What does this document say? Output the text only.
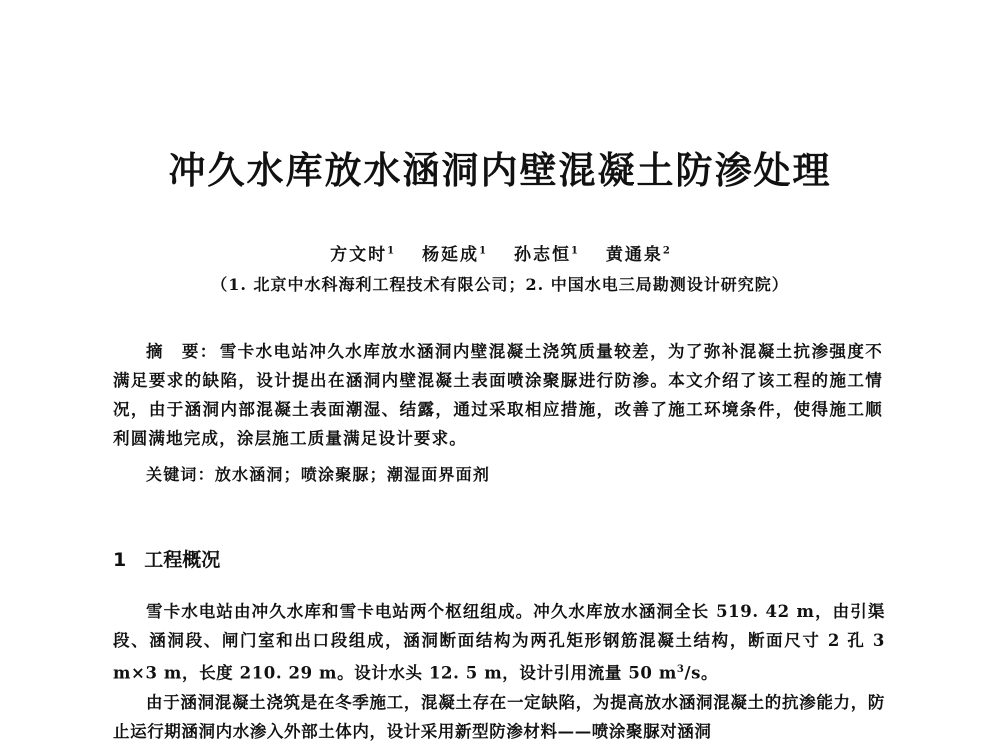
冲久水库放水涵洞内壁混凝土防渗处理
方文时$^1$ 杨延成$^1$ 孙志恒$^1$ 黄通泉$^2$
（1. 北京中水科海利工程技术有限公司；2. 中国水电三局勘测设计研究院）
摘　要： 雪卡水电站冲久水库放水涵洞内壁混凝土浇筑质量较差，为了弥补混凝土抗渗强度不满足要求的缺陷，设计提出在涵洞内壁混凝土表面喷涂聚脲进行防渗。本文介绍了该工程的施工情况，由于涵洞内部混凝土表面潮湿、结露，通过采取相应措施，改善了施工环境条件，使得施工顺利圆满地完成，涂层施工质量满足设计要求。
关键词：放水涵洞；喷涂聚脲；潮湿面界面剂
1 工程概况

雪卡水电站由冲久水库和雪卡电站两个枢纽组成。冲久水库放水涵洞全长 519. 42 m，由引渠段、涵洞段、闸门室和出口段组成，涵洞断面结构为两孔矩形钢筋混凝土结构，断面尺寸 2 孔 3 m×3 m，长度 210. 29 m。设计水头 12. 5 m，设计引用流量 50 $m^3/s$。

由于涵洞混凝土浇筑是在冬季施工，混凝土存在一定缺陷，为提高放水涵洞混凝土的抗渗能力，防止运行期涵洞内水渗入外部土体内，设计采用新型防渗材料——喷涂聚脲对涵洞
